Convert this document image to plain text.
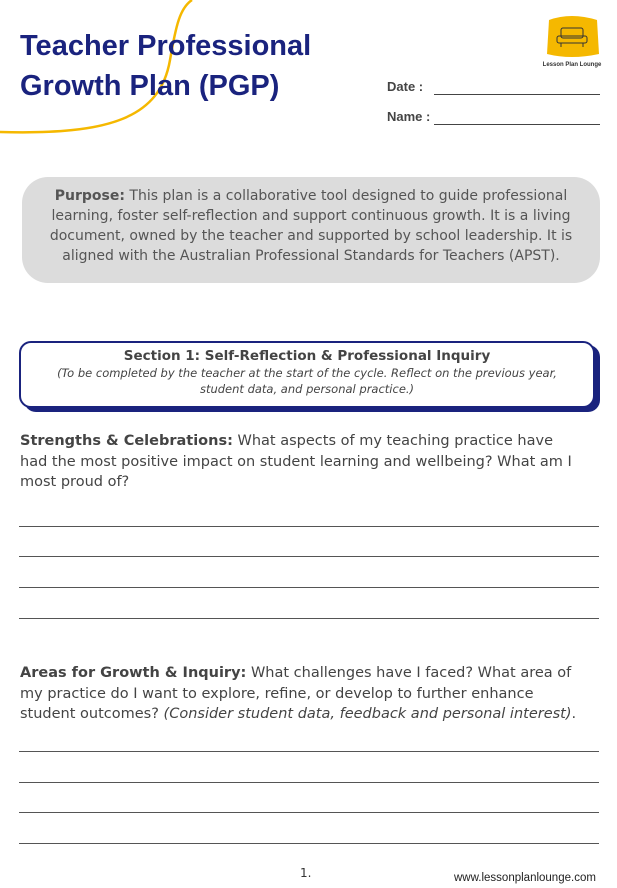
Teacher Professional
Growth Plan (PGP)
Lesson Plan Lounge
Date :
Name :
Purpose: This plan is a collaborative tool designed to guide professional learning, foster self-reflection and support continuous growth. It is a living document, owned by the teacher and supported by school leadership. It is aligned with the Australian Professional Standards for Teachers (APST).
Section 1: Self-Reflection & Professional Inquiry
(To be completed by the teacher at the start of the cycle. Reflect on the previous year, student data, and personal practice.)
Strengths & Celebrations: What aspects of my teaching practice have had the most positive impact on student learning and wellbeing? What am I most proud of?
Areas for Growth & Inquiry: What challenges have I faced? What area of my practice do I want to explore, refine, or develop to further enhance student outcomes? (Consider student data, feedback and personal interest).
1.	www.lessonplanlounge.com
